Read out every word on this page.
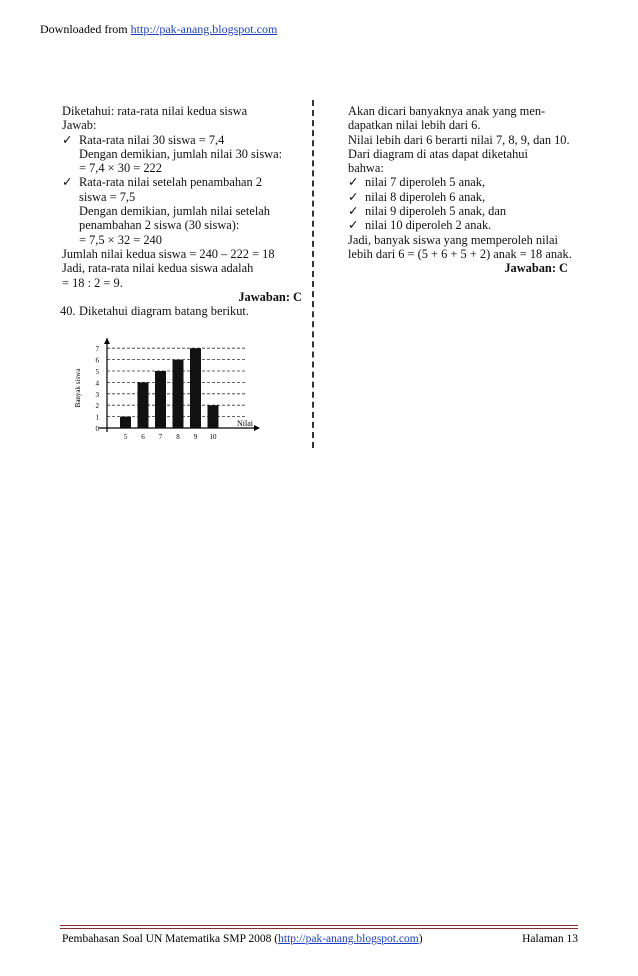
Downloaded from http://pak-anang.blogspot.com
Diketahui: rata-rata nilai kedua siswa
Jawab:
✓ Rata-rata nilai 30 siswa = 7,4
Dengan demikian, jumlah nilai 30 siswa:
= 7,4 × 30 = 222
✓ Rata-rata nilai setelah penambahan 2
siswa = 7,5
Dengan demikian, jumlah nilai setelah
penambahan 2 siswa (30 siswa):
= 7,5 × 32 = 240
Jumlah nilai kedua siswa = 240 – 222 = 18
Jadi, rata-rata nilai kedua siswa adalah
= 18 : 2 = 9.
Jawaban: C
40. Diketahui diagram batang berikut.
Akan dicari banyaknya anak yang men-
dapatkan nilai lebih dari 6.
Nilai lebih dari 6 berarti nilai 7, 8, 9, dan 10.
Dari diagram di atas dapat diketahui
bahwa:
✓ nilai 7 diperoleh 5 anak,
✓ nilai 8 diperoleh 6 anak,
✓ nilai 9 diperoleh 5 anak, dan
✓ nilai 10 diperoleh 2 anak.
Jadi, banyak siswa yang memperoleh nilai
lebih dari 6 = (5 + 6 + 5 + 2) anak = 18 anak.
Jawaban: C
0
1
2
3
4
5
6
7
5 6 7 8 9 10
Nilai
Banyak siswa
Pembahasan Soal UN Matematika SMP 2008 (http://pak-anang.blogspot.com)	Halaman 13
